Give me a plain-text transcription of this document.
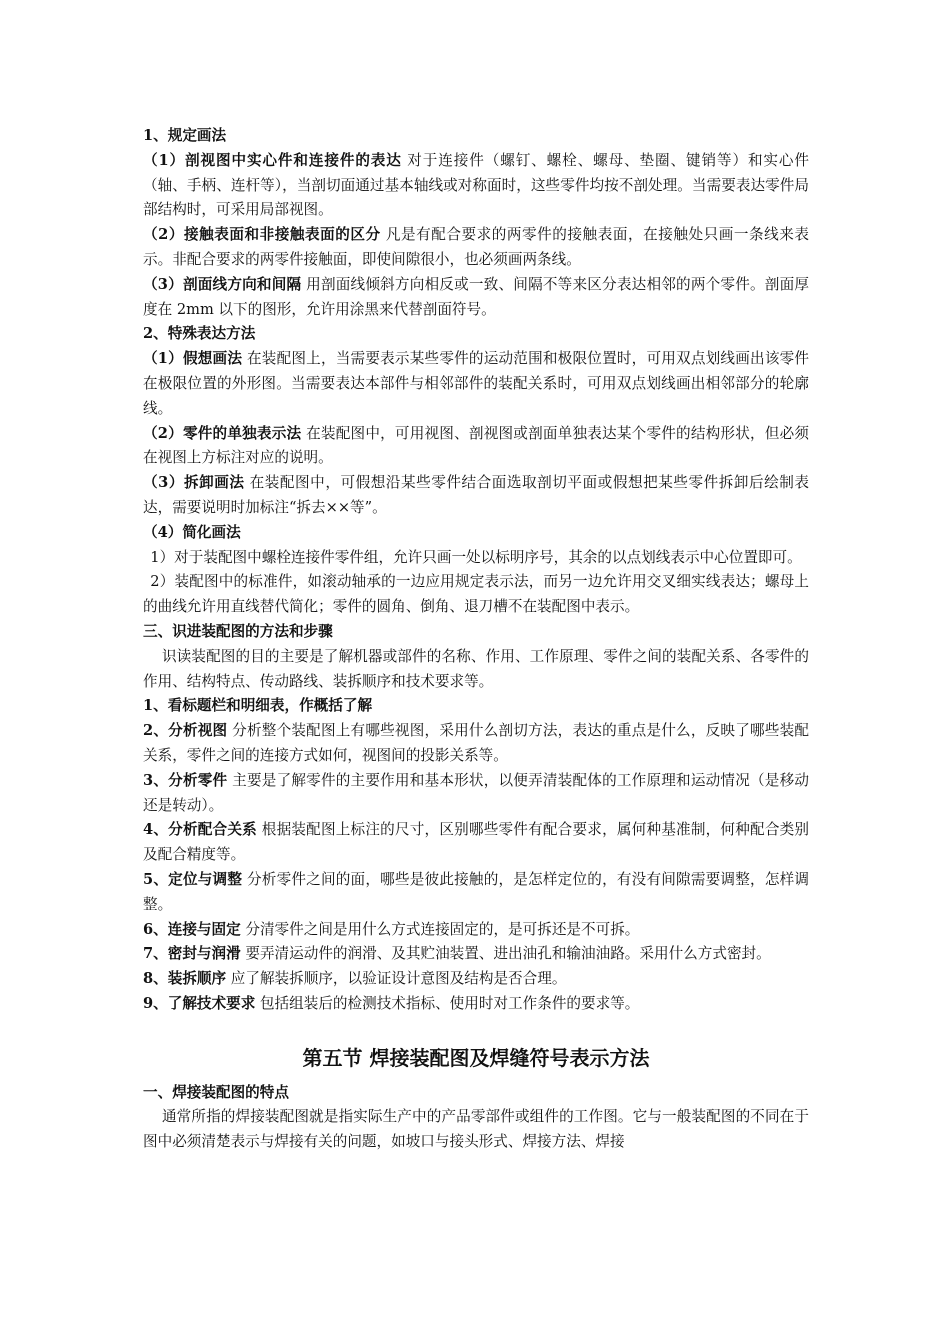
1、规定画法

（1）剖视图中实心件和连接件的表达 对于连接件（螺钉、螺栓、螺母、垫圈、键销等）和实心件（轴、手柄、连杆等），当剖切面通过基本轴线或对称面时，这些零件均按不剖处理。当需要表达零件局部结构时，可采用局部视图。

（2）接触表面和非接触表面的区分 凡是有配合要求的两零件的接触表面，在接触处只画一条线来表示。非配合要求的两零件接触面，即使间隙很小，也必须画两条线。

（3）剖面线方向和间隔 用剖面线倾斜方向相反或一致、间隔不等来区分表达相邻的两个零件。剖面厚度在 2mm 以下的图形，允许用涂黑来代替剖面符号。

2、特殊表达方法

（1）假想画法 在装配图上，当需要表示某些零件的运动范围和极限位置时，可用双点划线画出该零件在极限位置的外形图。当需要表达本部件与相邻部件的装配关系时，可用双点划线画出相邻部分的轮廓线。

（2）零件的单独表示法 在装配图中，可用视图、剖视图或剖面单独表达某个零件的结构形状，但必须在视图上方标注对应的说明。

（3）拆卸画法 在装配图中，可假想沿某些零件结合面选取剖切平面或假想把某些零件拆卸后绘制表达，需要说明时加标注“拆去××等”。

（4）简化画法

1）对于装配图中螺栓连接件零件组，允许只画一处以标明序号，其余的以点划线表示中心位置即可。

2）装配图中的标准件，如滚动轴承的一边应用规定表示法，而另一边允许用交叉细实线表达；螺母上的曲线允许用直线替代简化；零件的圆角、倒角、退刀槽不在装配图中表示。

三、识进装配图的方法和步骤

识读装配图的目的主要是了解机器或部件的名称、作用、工作原理、零件之间的装配关系、各零件的作用、结构特点、传动路线、装拆顺序和技术要求等。

1、看标题栏和明细表，作概括了解

2、分析视图 分析整个装配图上有哪些视图，采用什么剖切方法，表达的重点是什么，反映了哪些装配关系，零件之间的连接方式如何，视图间的投影关系等。

3、分析零件 主要是了解零件的主要作用和基本形状，以便弄清装配体的工作原理和运动情况（是移动还是转动）。

4、分析配合关系 根据装配图上标注的尺寸，区别哪些零件有配合要求，属何种基准制，何种配合类别及配合精度等。

5、定位与调整 分析零件之间的面，哪些是彼此接触的，是怎样定位的，有没有间隙需要调整，怎样调整。

6、连接与固定 分清零件之间是用什么方式连接固定的，是可拆还是不可拆。

7、密封与润滑 要弄清运动件的润滑、及其贮油装置、进出油孔和输油油路。采用什么方式密封。

8、装拆顺序 应了解装拆顺序，以验证设计意图及结构是否合理。

9、了解技术要求 包括组装后的检测技术指标、使用时对工作条件的要求等。

第五节 焊接装配图及焊缝符号表示方法

一、焊接装配图的特点

通常所指的焊接装配图就是指实际生产中的产品零部件或组件的工作图。它与一般装配图的不同在于图中必须清楚表示与焊接有关的问题，如坡口与接头形式、焊接方法、焊接
